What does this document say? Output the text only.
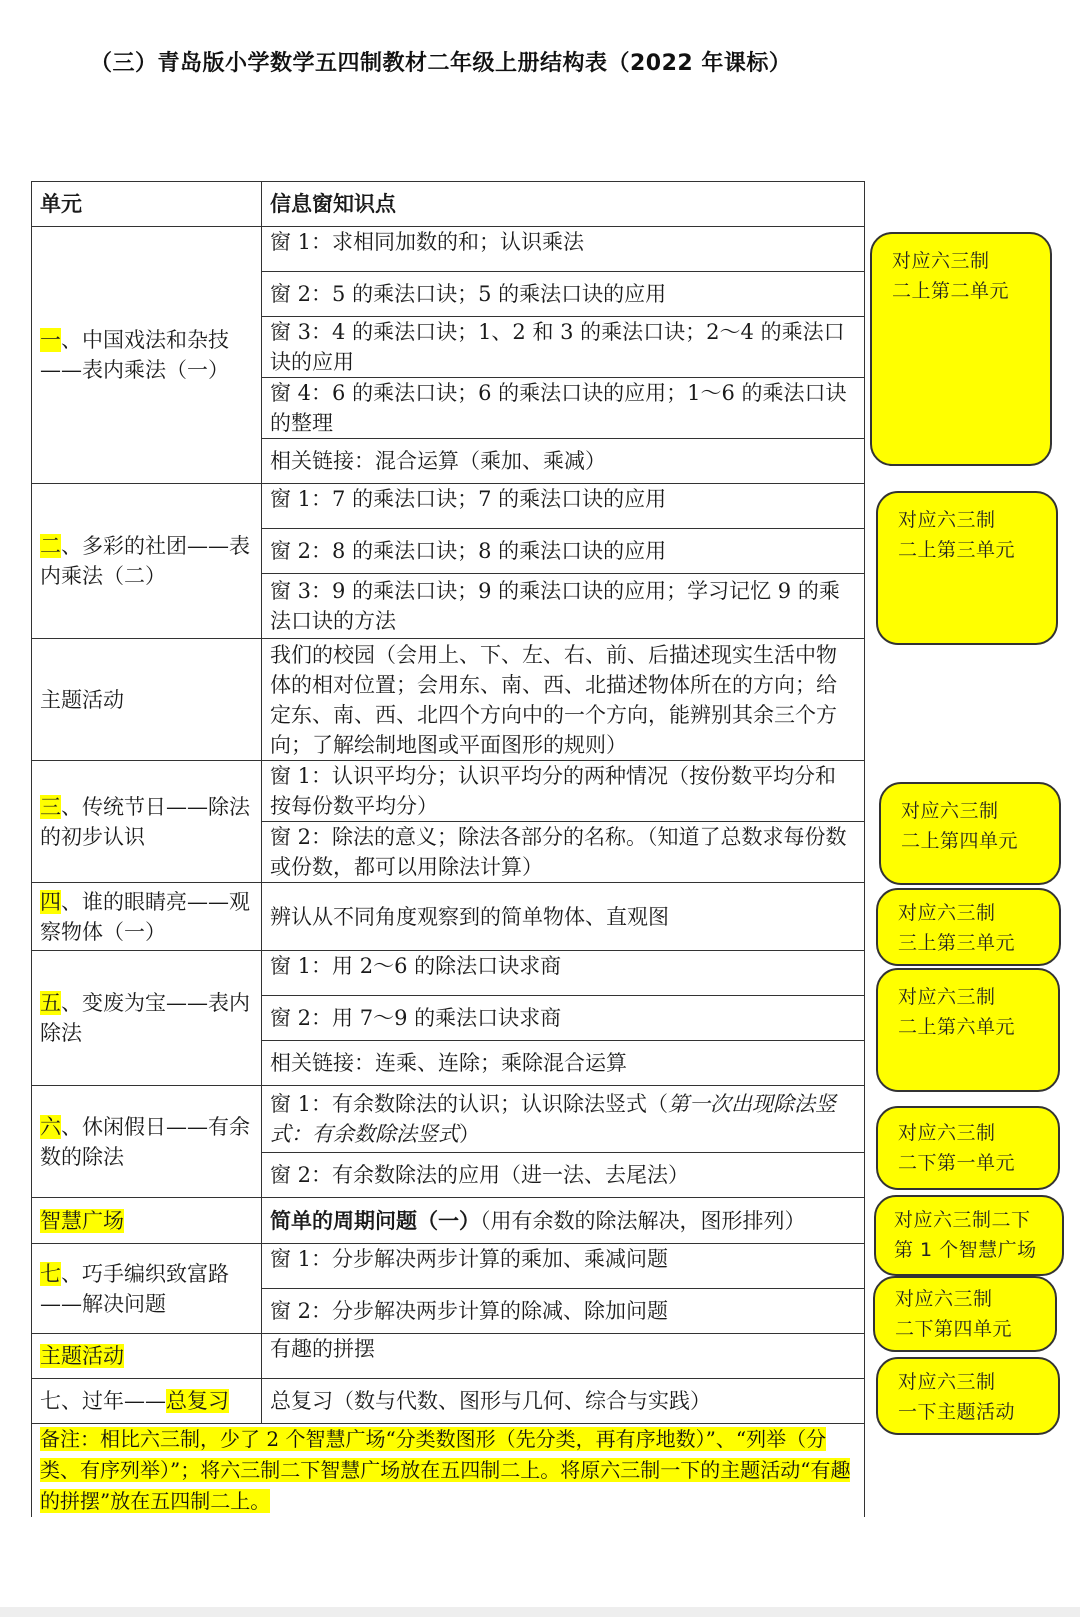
（三）青岛版小学数学五四制教材二年级上册结构表（2022 年课标）
单元	信息窗知识点
一、中国戏法和杂技——表内乘法（一）	窗 1：求相同加数的和；认识乘法
	窗 2：5 的乘法口诀；5 的乘法口诀的应用
	窗 3：4 的乘法口诀；1、2 和 3 的乘法口诀；2～4 的乘法口诀的应用
	窗 4：6 的乘法口诀；6 的乘法口诀的应用；1～6 的乘法口诀的整理
	相关链接：混合运算（乘加、乘减）
二、多彩的社团——表内乘法（二）	窗 1：7 的乘法口诀；7 的乘法口诀的应用
	窗 2：8 的乘法口诀；8 的乘法口诀的应用
	窗 3：9 的乘法口诀；9 的乘法口诀的应用；学习记忆 9 的乘法口诀的方法
主题活动	我们的校园（会用上、下、左、右、前、后描述现实生活中物体的相对位置；会用东、南、西、北描述物体所在的方向；给定东、南、西、北四个方向中的一个方向，能辨别其余三个方向；了解绘制地图或平面图形的规则）
三、传统节日——除法的初步认识	窗 1：认识平均分；认识平均分的两种情况（按份数平均分和按每份数平均分）
	窗 2：除法的意义；除法各部分的名称。（知道了总数求每份数或份数，都可以用除法计算）
四、谁的眼睛亮——观察物体（一）	辨认从不同角度观察到的简单物体、直观图
五、变废为宝——表内除法	窗 1：用 2～6 的除法口诀求商
	窗 2：用 7～9 的乘法口诀求商
	相关链接：连乘、连除；乘除混合运算
六、休闲假日——有余数的除法	窗 1：有余数除法的认识；认识除法竖式（第一次出现除法竖式：有余数除法竖式）
	窗 2：有余数除法的应用（进一法、去尾法）
智慧广场	简单的周期问题（一）（用有余数的除法解决，图形排列）
七、巧手编织致富路——解决问题	窗 1：分步解决两步计算的乘加、乘减问题
	窗 2：分步解决两步计算的除减、除加问题
主题活动	有趣的拼摆
七、过年——总复习	总复习（数与代数、图形与几何、综合与实践）
备注：相比六三制，少了 2 个智慧广场“分类数图形（先分类，再有序地数）”、“列举（分类、有序列举）”；将六三制二下智慧广场放在五四制二上。将原六三制一下的主题活动“有趣的拼摆”放在五四制二上。	
对应六三制
二上第二单元
对应六三制
二上第三单元
对应六三制
二上第四单元
对应六三制
三上第三单元
对应六三制
二上第六单元
对应六三制
二下第一单元
对应六三制二下
第 1 个智慧广场
对应六三制
二下第四单元
对应六三制
一下主题活动
